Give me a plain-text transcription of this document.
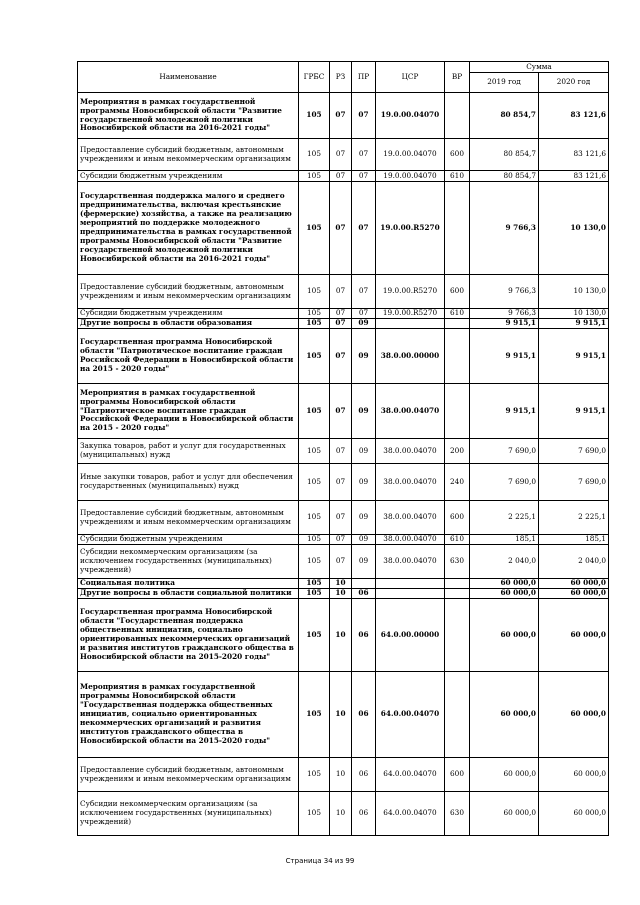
Наименование	ГРБС	РЗ	ПР	ЦСР	ВР	Сумма	
						2019 год	2020 год
Мероприятия в рамках государственной программы Новосибирской области "Развитие государственной молодежной политики Новосибирской области на 2016-2021 годы"	105	07	07	19.0.00.04070		80 854,7	83 121,6
Предоставление субсидий бюджетным, автономным учреждениям и иным некоммерческим организациям	105	07	07	19.0.00.04070	600	80 854,7	83 121,6
Субсидии бюджетным учреждениям	105	07	07	19.0.00.04070	610	80 854,7	83 121,6
Государственная поддержка малого и среднего предпринимательства, включая крестьянские (фермерские) хозяйства, а также на реализацию мероприятий по поддержке молодежного предпринимательства в рамках государственной программы Новосибирской области "Развитие государственной молодежной политики Новосибирской области на 2016-2021 годы"	105	07	07	19.0.00.R5270		9 766,3	10 130,0
Предоставление субсидий бюджетным, автономным учреждениям и иным некоммерческим организациям	105	07	07	19.0.00.R5270	600	9 766,3	10 130,0
Субсидии бюджетным учреждениям	105	07	07	19.0.00.R5270	610	9 766,3	10 130,0
Другие вопросы в области образования	105	07	09			9 915,1	9 915,1
Государственная программа Новосибирской области "Патриотическое воспитание граждан Российской Федерации в Новосибирской области на 2015 - 2020 годы"	105	07	09	38.0.00.00000		9 915,1	9 915,1
Мероприятия в рамках государственной программы Новосибирской области "Патриотическое воспитание граждан Российской Федерации в Новосибирской области на 2015 - 2020 годы"	105	07	09	38.0.00.04070		9 915,1	9 915,1
Закупка товаров, работ и услуг для государственных (муниципальных) нужд	105	07	09	38.0.00.04070	200	7 690,0	7 690,0
Иные закупки товаров, работ и услуг для обеспечения государственных (муниципальных) нужд	105	07	09	38.0.00.04070	240	7 690,0	7 690,0
Предоставление субсидий бюджетным, автономным учреждениям и иным некоммерческим организациям	105	07	09	38.0.00.04070	600	2 225,1	2 225,1
Субсидии бюджетным учреждениям	105	07	09	38.0.00.04070	610	185,1	185,1
Субсидии некоммерческим организациям (за исключением государственных (муниципальных) учреждений)	105	07	09	38.0.00.04070	630	2 040,0	2 040,0
Социальная политика	105	10				60 000,0	60 000,0
Другие вопросы в области социальной политики	105	10	06			60 000,0	60 000,0
Государственная программа Новосибирской области "Государственная поддержка общественных инициатив, социально ориентированных некоммерческих организаций и развития институтов гражданского общества в Новосибирской области на 2015-2020 годы"	105	10	06	64.0.00.00000		60 000,0	60 000,0
Мероприятия в рамках государственной программы Новосибирской области "Государственная поддержка общественных инициатив, социально ориентированных некоммерческих организаций и развития институтов гражданского общества в Новосибирской области на 2015-2020 годы"	105	10	06	64.0.00.04070		60 000,0	60 000,0
Предоставление субсидий бюджетным, автономным учреждениям и иным некоммерческим организациям	105	10	06	64.0.00.04070	600	60 000,0	60 000,0
Субсидии некоммерческим организациям (за исключением государственных (муниципальных) учреждений)	105	10	06	64.0.00.04070	630	60 000,0	60 000,0
Страница 34 из 99
